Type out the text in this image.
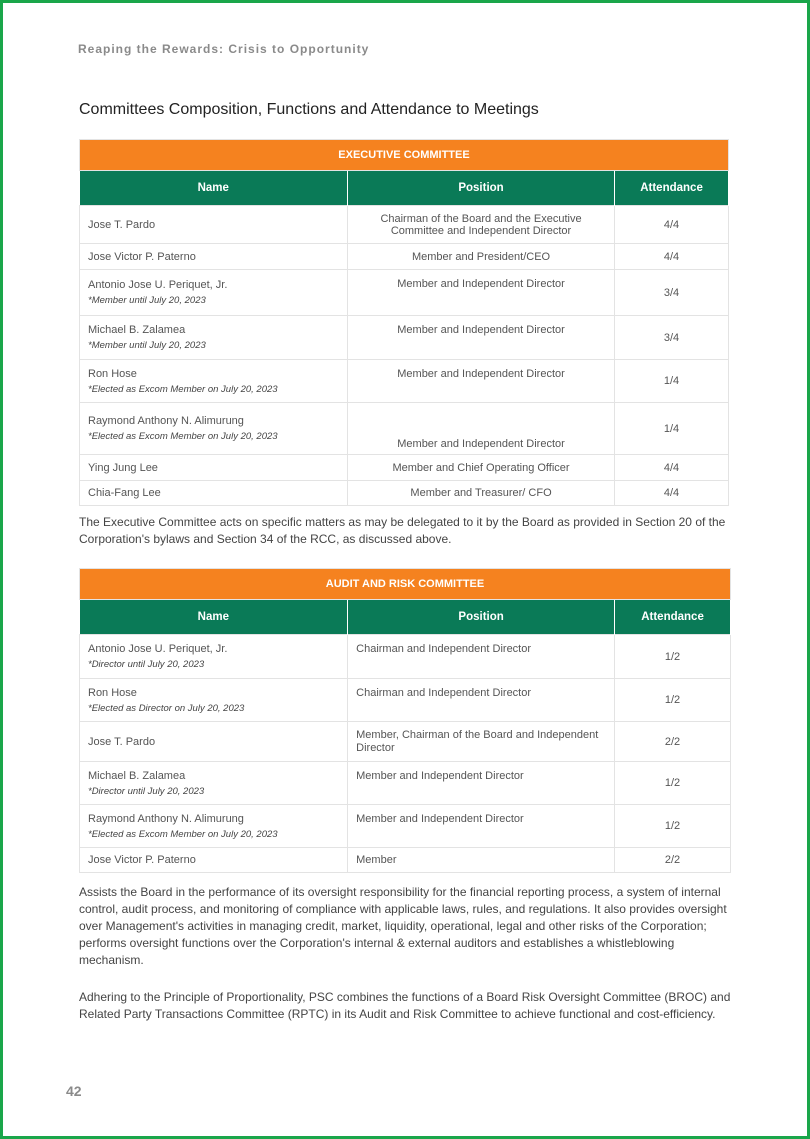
Reaping the Rewards: Crisis to Opportunity
Committees Composition, Functions and Attendance to Meetings
EXECUTIVE COMMITTEE		
Name	Position	Attendance
Jose T. Pardo	Chairman of the Board and the Executive Committee and Independent Director	4/4
Jose Victor P. Paterno	Member and President/CEO	4/4
Antonio Jose U. Periquet, Jr.
*Member until July 20, 2023	Member and Independent Director	3/4
Michael B. Zalamea
*Member until July 20, 2023	Member and Independent Director	3/4
Ron Hose
*Elected as Excom Member on July 20, 2023	Member and Independent Director	1/4
Raymond Anthony N. Alimurung
*Elected as Excom Member on July 20, 2023	Member and Independent Director	1/4
Ying Jung Lee	Member and Chief Operating Officer	4/4
Chia-Fang Lee	Member and Treasurer/ CFO	4/4
The Executive Committee acts on specific matters as may be delegated to it by the Board as provided in Section 20 of the Corporation's bylaws and Section 34 of the RCC, as discussed above.
AUDIT AND RISK COMMITTEE		
Name	Position	Attendance
Antonio Jose U. Periquet, Jr.
*Director until July 20, 2023	Chairman and Independent Director	1/2
Ron Hose
*Elected as Director on July 20, 2023	Chairman and Independent Director	1/2
Jose T. Pardo	Member, Chairman of the Board and Independent Director	2/2
Michael B. Zalamea
*Director until July 20, 2023	Member and Independent Director	1/2
Raymond Anthony N. Alimurung
*Elected as Excom Member on July 20, 2023	Member and Independent Director	1/2
Jose Victor P. Paterno	Member	2/2
Assists the Board in the performance of its oversight responsibility for the financial reporting process, a system of internal control, audit process, and monitoring of compliance with applicable laws, rules, and regulations. It also provides oversight over Management's activities in managing credit, market, liquidity, operational, legal and other risks of the Corporation; performs oversight functions over the Corporation's internal & external auditors and establishes a whistleblowing mechanism.
Adhering to the Principle of Proportionality, PSC combines the functions of a Board Risk Oversight Committee (BROC) and Related Party Transactions Committee (RPTC) in its Audit and Risk Committee to achieve functional and cost-efficiency.
42
